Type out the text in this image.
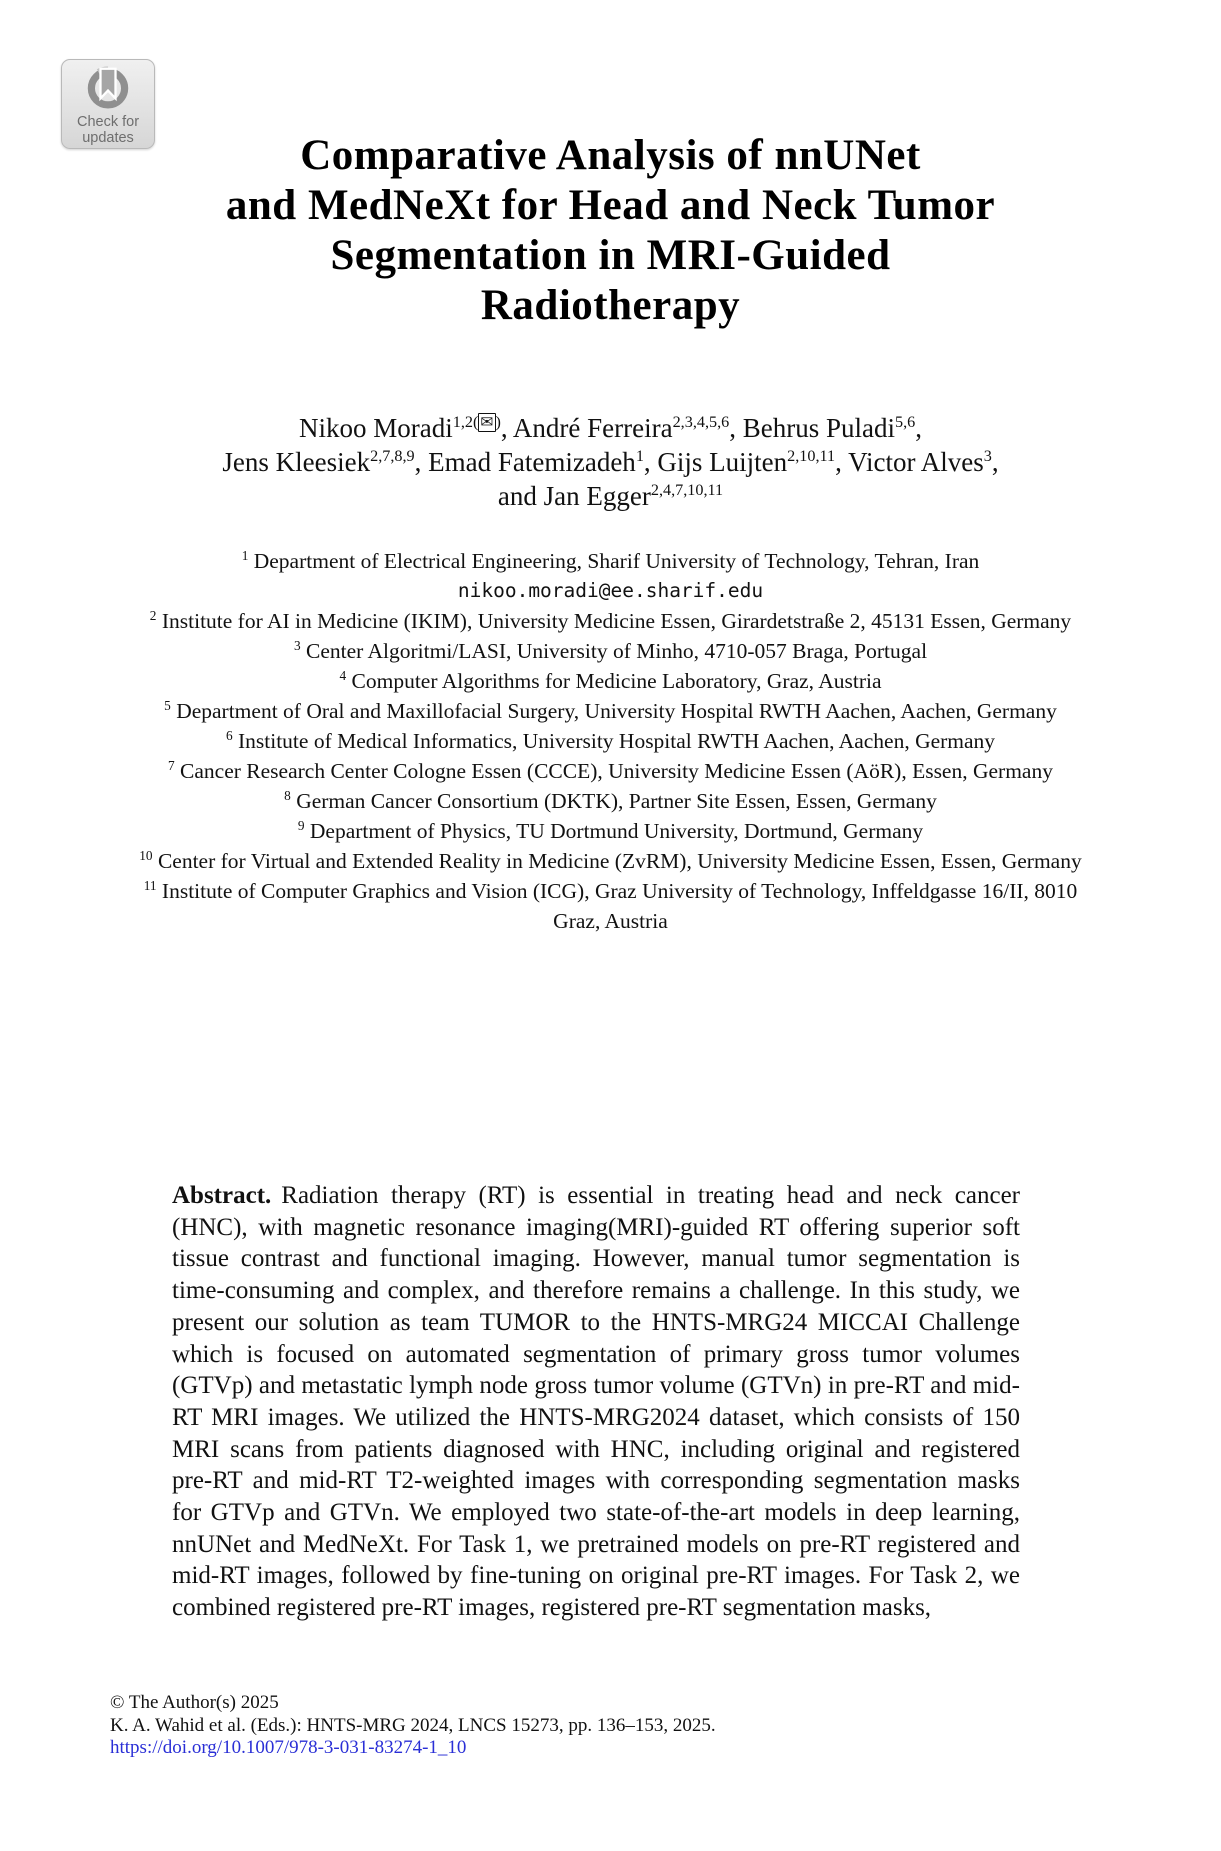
Check for
updates	Comparative Analysis of nnUNet
and MedNeXt for Head and Neck Tumor
Segmentation in MRI-Guided
Radiotherapy
Nikoo Moradi$^{1,2(}$ ✉ ), André Ferreira$^{2,3,4,5,6}$, Behrus Puladi$^{5,6}$,
Jens Kleesiek$^{2,7,8,9}$, Emad Fatemizadeh$^1$, Gijs Luijten$^{2,10,11}$, Victor Alves$^3$,
and Jan Egger$^{2,4,7,10,11}$
$^1$ Department of Electrical Engineering, Sharif University of Technology, Tehran, Iran
nikoo.moradi@ee.sharif.edu
$^2$ Institute for AI in Medicine (IKIM), University Medicine Essen, Girardetstraße 2, 45131 Essen, Germany
$^3$ Center Algoritmi/LASI, University of Minho, 4710-057 Braga, Portugal
$^4$ Computer Algorithms for Medicine Laboratory, Graz, Austria
$^5$ Department of Oral and Maxillofacial Surgery, University Hospital RWTH Aachen, Aachen, Germany
$^6$ Institute of Medical Informatics, University Hospital RWTH Aachen, Aachen, Germany
$^7$ Cancer Research Center Cologne Essen (CCCE), University Medicine Essen (AöR), Essen, Germany
$^8$ German Cancer Consortium (DKTK), Partner Site Essen, Essen, Germany
$^9$ Department of Physics, TU Dortmund University, Dortmund, Germany
$^{10}$ Center for Virtual and Extended Reality in Medicine (ZvRM), University Medicine Essen, Essen, Germany
$^{11}$ Institute of Computer Graphics and Vision (ICG), Graz University of Technology, Inffeldgasse 16/II, 8010 Graz, Austria
Abstract. Radiation therapy (RT) is essential in treating head and neck cancer (HNC), with magnetic resonance imaging(MRI)-guided RT offering superior soft tissue contrast and functional imaging. However, manual tumor segmentation is time-consuming and complex, and therefore remains a challenge. In this study, we present our solution as team TUMOR to the HNTS-MRG24 MICCAI Challenge which is focused on automated segmentation of primary gross tumor volumes (GTVp) and metastatic lymph node gross tumor volume (GTVn) in pre-RT and mid-RT MRI images. We utilized the HNTS-MRG2024 dataset, which consists of 150 MRI scans from patients diagnosed with HNC, including original and registered pre-RT and mid-RT T2-weighted images with corresponding segmentation masks for GTVp and GTVn. We employed two state-of-the-art models in deep learning, nnUNet and MedNeXt. For Task 1, we pretrained models on pre-RT registered and mid-RT images, followed by fine-tuning on original pre-RT images. For Task 2, we combined registered pre-RT images, registered pre-RT segmentation masks,
© The Author(s) 2025
K. A. Wahid et al. (Eds.): HNTS-MRG 2024, LNCS 15273, pp. 136–153, 2025.
https://doi.org/10.1007/978-3-031-83274-1_10
